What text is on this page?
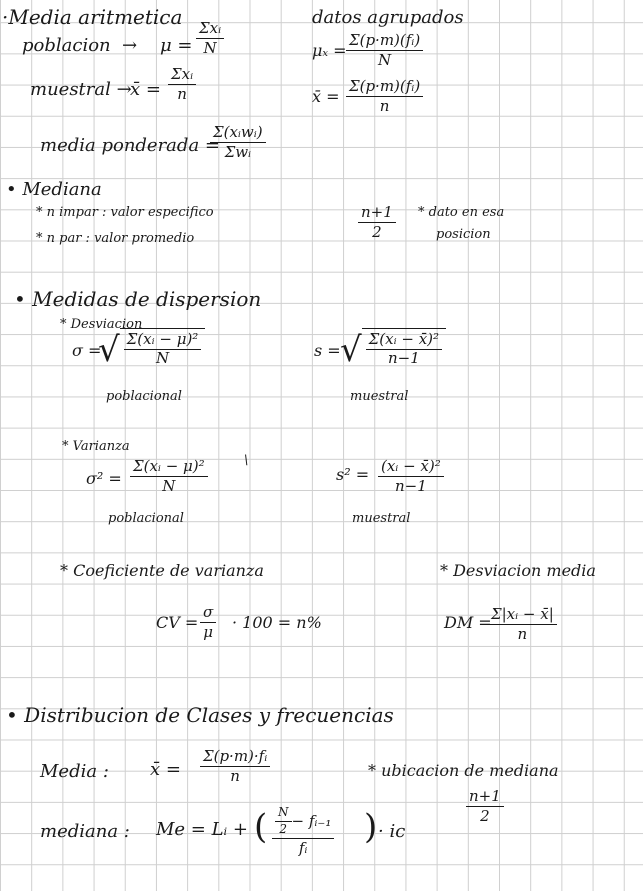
·Media aritmetica

poblacion → μ =

Σxᵢ
N

muestral →

x̄ =

Σxᵢ
n

media ponderada =

Σ(xᵢwᵢ)
Σwᵢ

datos agrupados

$\mu_x = \frac{\text{Σ(p·m)(fᵢ)}}{N}$

x̄ = $\frac{\text{Σ(p·m)(fᵢ)}}{n}$

• Mediana

* n impar : valor especifico

* n par : valor promedio	$\frac{n+1}{2}$ * dato en esa

posicion

• Medidas de dispersion

* Desviacion

σ =

√ $\frac{\text{Σ(xᵢ − μ)²}}{N}$

poblacional

s = √ $\frac{\text{Σ(xᵢ − x̄)²}}{n-1}$

muestral

* Varianza

$\sigma^2 = \frac{\text{Σ(xᵢ − μ)²}}{N}$	\

poblacional

$s^2 = \frac{\text{(xᵢ − x̄)²}}{n-1}$

muestral

* Coeficiente de varianza

CV = $\frac{\sigma}{\mu} \cdot 100 = n\%$

* Desviacion media

DM =

$\frac{\text{Σ|xᵢ − x̄|}}{n}$

• Distribucion de Clases y frecuencias

Media : x̄ = $\frac{\text{Σ(p·m)·fᵢ}}{n}$	* ubicacion de mediana

$\frac{n+1}{2}$

mediana : Me = Lᵢ + ( $\frac{\frac{N}{2} - fᵢ_{-1}}{\text{fᵢ}}$ ) · ic
